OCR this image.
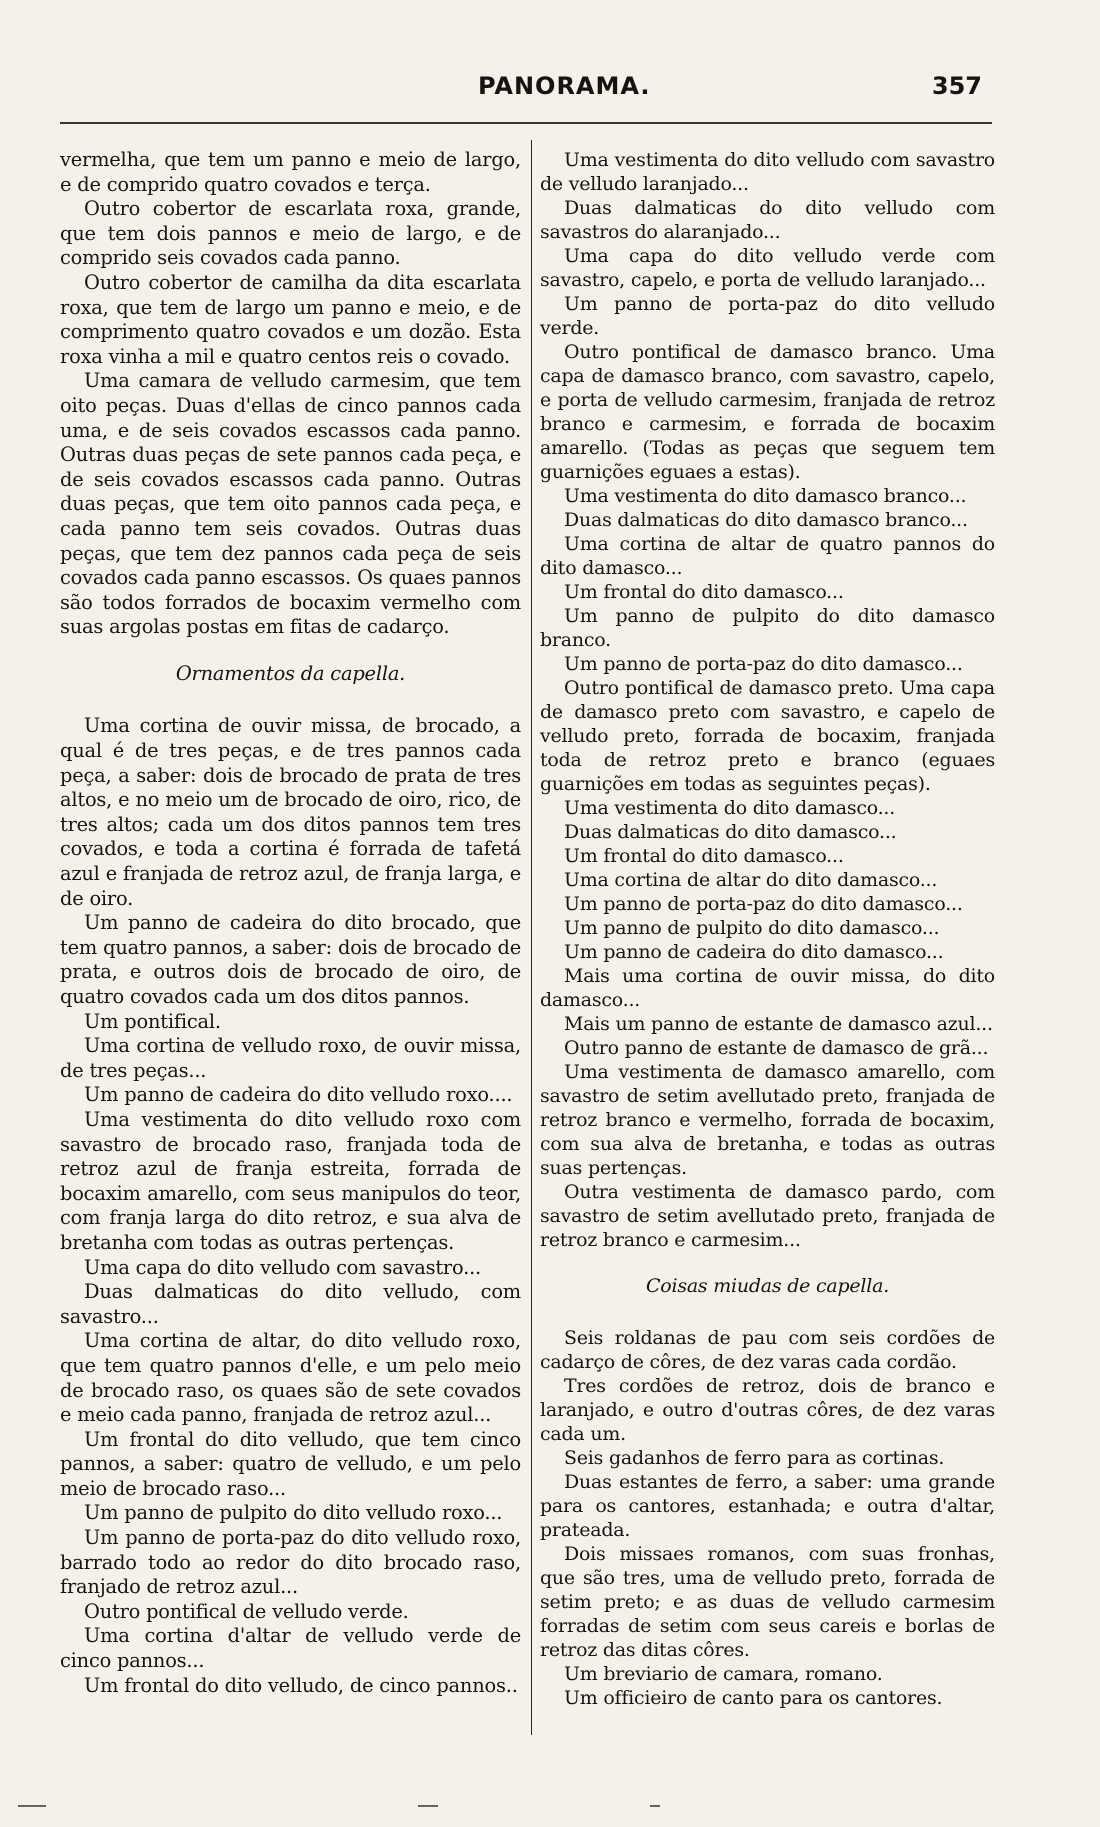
PANORAMA.	357

vermelha, que tem um panno e meio de largo, e de comprido quatro covados e terça.

Outro cobertor de escarlata roxa, grande, que tem dois pannos e meio de largo, e de comprido seis covados cada panno.

Outro cobertor de camilha da dita escarlata roxa, que tem de largo um panno e meio, e de comprimento quatro covados e um dozão. Esta roxa vinha a mil e quatro centos reis o covado.

Uma camara de velludo carmesim, que tem oito peças. Duas d'ellas de cinco pannos cada uma, e de seis covados escassos cada panno. Outras duas peças de sete pannos cada peça, e de seis covados escassos cada panno. Outras duas peças, que tem oito pannos cada peça, e cada panno tem seis covados. Outras duas peças, que tem dez pannos cada peça de seis covados cada panno escassos. Os quaes pannos são todos forrados de bocaxim vermelho com suas argolas postas em fitas de cadarço.

Ornamentos da capella.

Uma cortina de ouvir missa, de brocado, a qual é de tres peças, e de tres pannos cada peça, a saber: dois de brocado de prata de tres altos, e no meio um de brocado de oiro, rico, de tres altos; cada um dos ditos pannos tem tres covados, e toda a cortina é forrada de tafetá azul e franjada de retroz azul, de franja larga, e de oiro.

Um panno de cadeira do dito brocado, que tem quatro pannos, a saber: dois de brocado de prata, e outros dois de brocado de oiro, de quatro covados cada um dos ditos pannos.

Um pontifical.

Uma cortina de velludo roxo, de ouvir missa, de tres peças...

Um panno de cadeira do dito velludo roxo....

Uma vestimenta do dito velludo roxo com savastro de brocado raso, franjada toda de retroz azul de franja estreita, forrada de bocaxim amarello, com seus manipulos do teor, com franja larga do dito retroz, e sua alva de bretanha com todas as outras pertenças.

Uma capa do dito velludo com savastro...

Duas dalmaticas do dito velludo, com savastro...

Uma cortina de altar, do dito velludo roxo, que tem quatro pannos d'elle, e um pelo meio de brocado raso, os quaes são de sete covados e meio cada panno, franjada de retroz azul...

Um frontal do dito velludo, que tem cinco pannos, a saber: quatro de velludo, e um pelo meio de brocado raso...

Um panno de pulpito do dito velludo roxo...

Um panno de porta-paz do dito velludo roxo, barrado todo ao redor do dito brocado raso, franjado de retroz azul...

Outro pontifical de velludo verde.

Uma cortina d'altar de velludo verde de cinco pannos...

Um frontal do dito velludo, de cinco pannos..

Uma vestimenta do dito velludo com savastro de velludo laranjado...

Duas dalmaticas do dito velludo com savastros do alaranjado...

Uma capa do dito velludo verde com savastro, capelo, e porta de velludo laranjado...

Um panno de porta-paz do dito velludo verde.

Outro pontifical de damasco branco. Uma capa de damasco branco, com savastro, capelo, e porta de velludo carmesim, franjada de retroz branco e carmesim, e forrada de bocaxim amarello. (Todas as peças que seguem tem guarnições eguaes a estas).

Uma vestimenta do dito damasco branco...

Duas dalmaticas do dito damasco branco...

Uma cortina de altar de quatro pannos do dito damasco...

Um frontal do dito damasco...

Um panno de pulpito do dito damasco branco.

Um panno de porta-paz do dito damasco...

Outro pontifical de damasco preto. Uma capa de damasco preto com savastro, e capelo de velludo preto, forrada de bocaxim, franjada toda de retroz preto e branco (eguaes guarnições em todas as seguintes peças).

Uma vestimenta do dito damasco...

Duas dalmaticas do dito damasco...

Um frontal do dito damasco...

Uma cortina de altar do dito damasco...

Um panno de porta-paz do dito damasco...

Um panno de pulpito do dito damasco...

Um panno de cadeira do dito damasco...

Mais uma cortina de ouvir missa, do dito damasco...

Mais um panno de estante de damasco azul...

Outro panno de estante de damasco de grã...

Uma vestimenta de damasco amarello, com savastro de setim avellutado preto, franjada de retroz branco e vermelho, forrada de bocaxim, com sua alva de bretanha, e todas as outras suas pertenças.

Outra vestimenta de damasco pardo, com savastro de setim avellutado preto, franjada de retroz branco e carmesim...

Coisas miudas de capella.

Seis roldanas de pau com seis cordões de cadarço de côres, de dez varas cada cordão.

Tres cordões de retroz, dois de branco e laranjado, e outro d'outras côres, de dez varas cada um.

Seis gadanhos de ferro para as cortinas.

Duas estantes de ferro, a saber: uma grande para os cantores, estanhada; e outra d'altar, prateada.

Dois missaes romanos, com suas fronhas, que são tres, uma de velludo preto, forrada de setim preto; e as duas de velludo carmesim forradas de setim com seus careis e borlas de retroz das ditas côres.

Um breviario de camara, romano.

Um officieiro de canto para os cantores.
